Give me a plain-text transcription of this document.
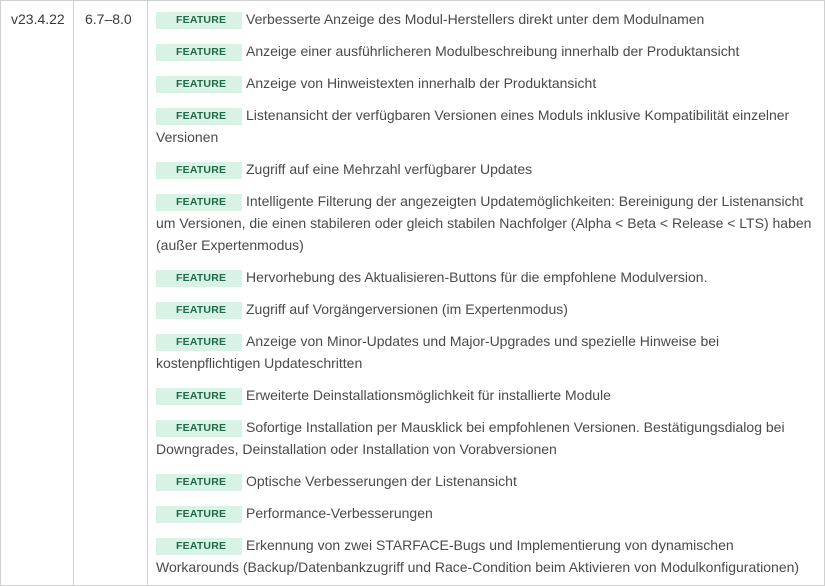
v23.4.22	6.7–8.0	FEATURE Verbesserte Anzeige des Modul-Herstellers direkt unter dem Modulnamen
FEATURE Anzeige einer ausführlicheren Modulbeschreibung innerhalb der Produktansicht
FEATURE Anzeige von Hinweistexten innerhalb der Produktansicht
FEATURE Listenansicht der verfügbaren Versionen eines Moduls inklusive Kompatibilität einzelner Versionen
FEATURE Zugriff auf eine Mehrzahl verfügbarer Updates
FEATURE Intelligente Filterung der angezeigten Updatemöglichkeiten: Bereinigung der Listenansicht um Versionen, die einen stabileren oder gleich stabilen Nachfolger (Alpha < Beta < Release < LTS) haben (außer Expertenmodus)
FEATURE Hervorhebung des Aktualisieren-Buttons für die empfohlene Modulversion.
FEATURE Zugriff auf Vorgängerversionen (im Expertenmodus)
FEATURE Anzeige von Minor-Updates und Major-Upgrades und spezielle Hinweise bei kostenpflichtigen Updateschritten
FEATURE Erweiterte Deinstallationsmöglichkeit für installierte Module
FEATURE Sofortige Installation per Mausklick bei empfohlenen Versionen. Bestätigungsdialog bei Downgrades, Deinstallation oder Installation von Vorabversionen
FEATURE Optische Verbesserungen der Listenansicht
FEATURE Performance-Verbesserungen
FEATURE Erkennung von zwei STARFACE-Bugs und Implementierung von dynamischen Workarounds (Backup/Datenbankzugriff und Race-Condition beim Aktivieren von Modulkonfigurationen)
